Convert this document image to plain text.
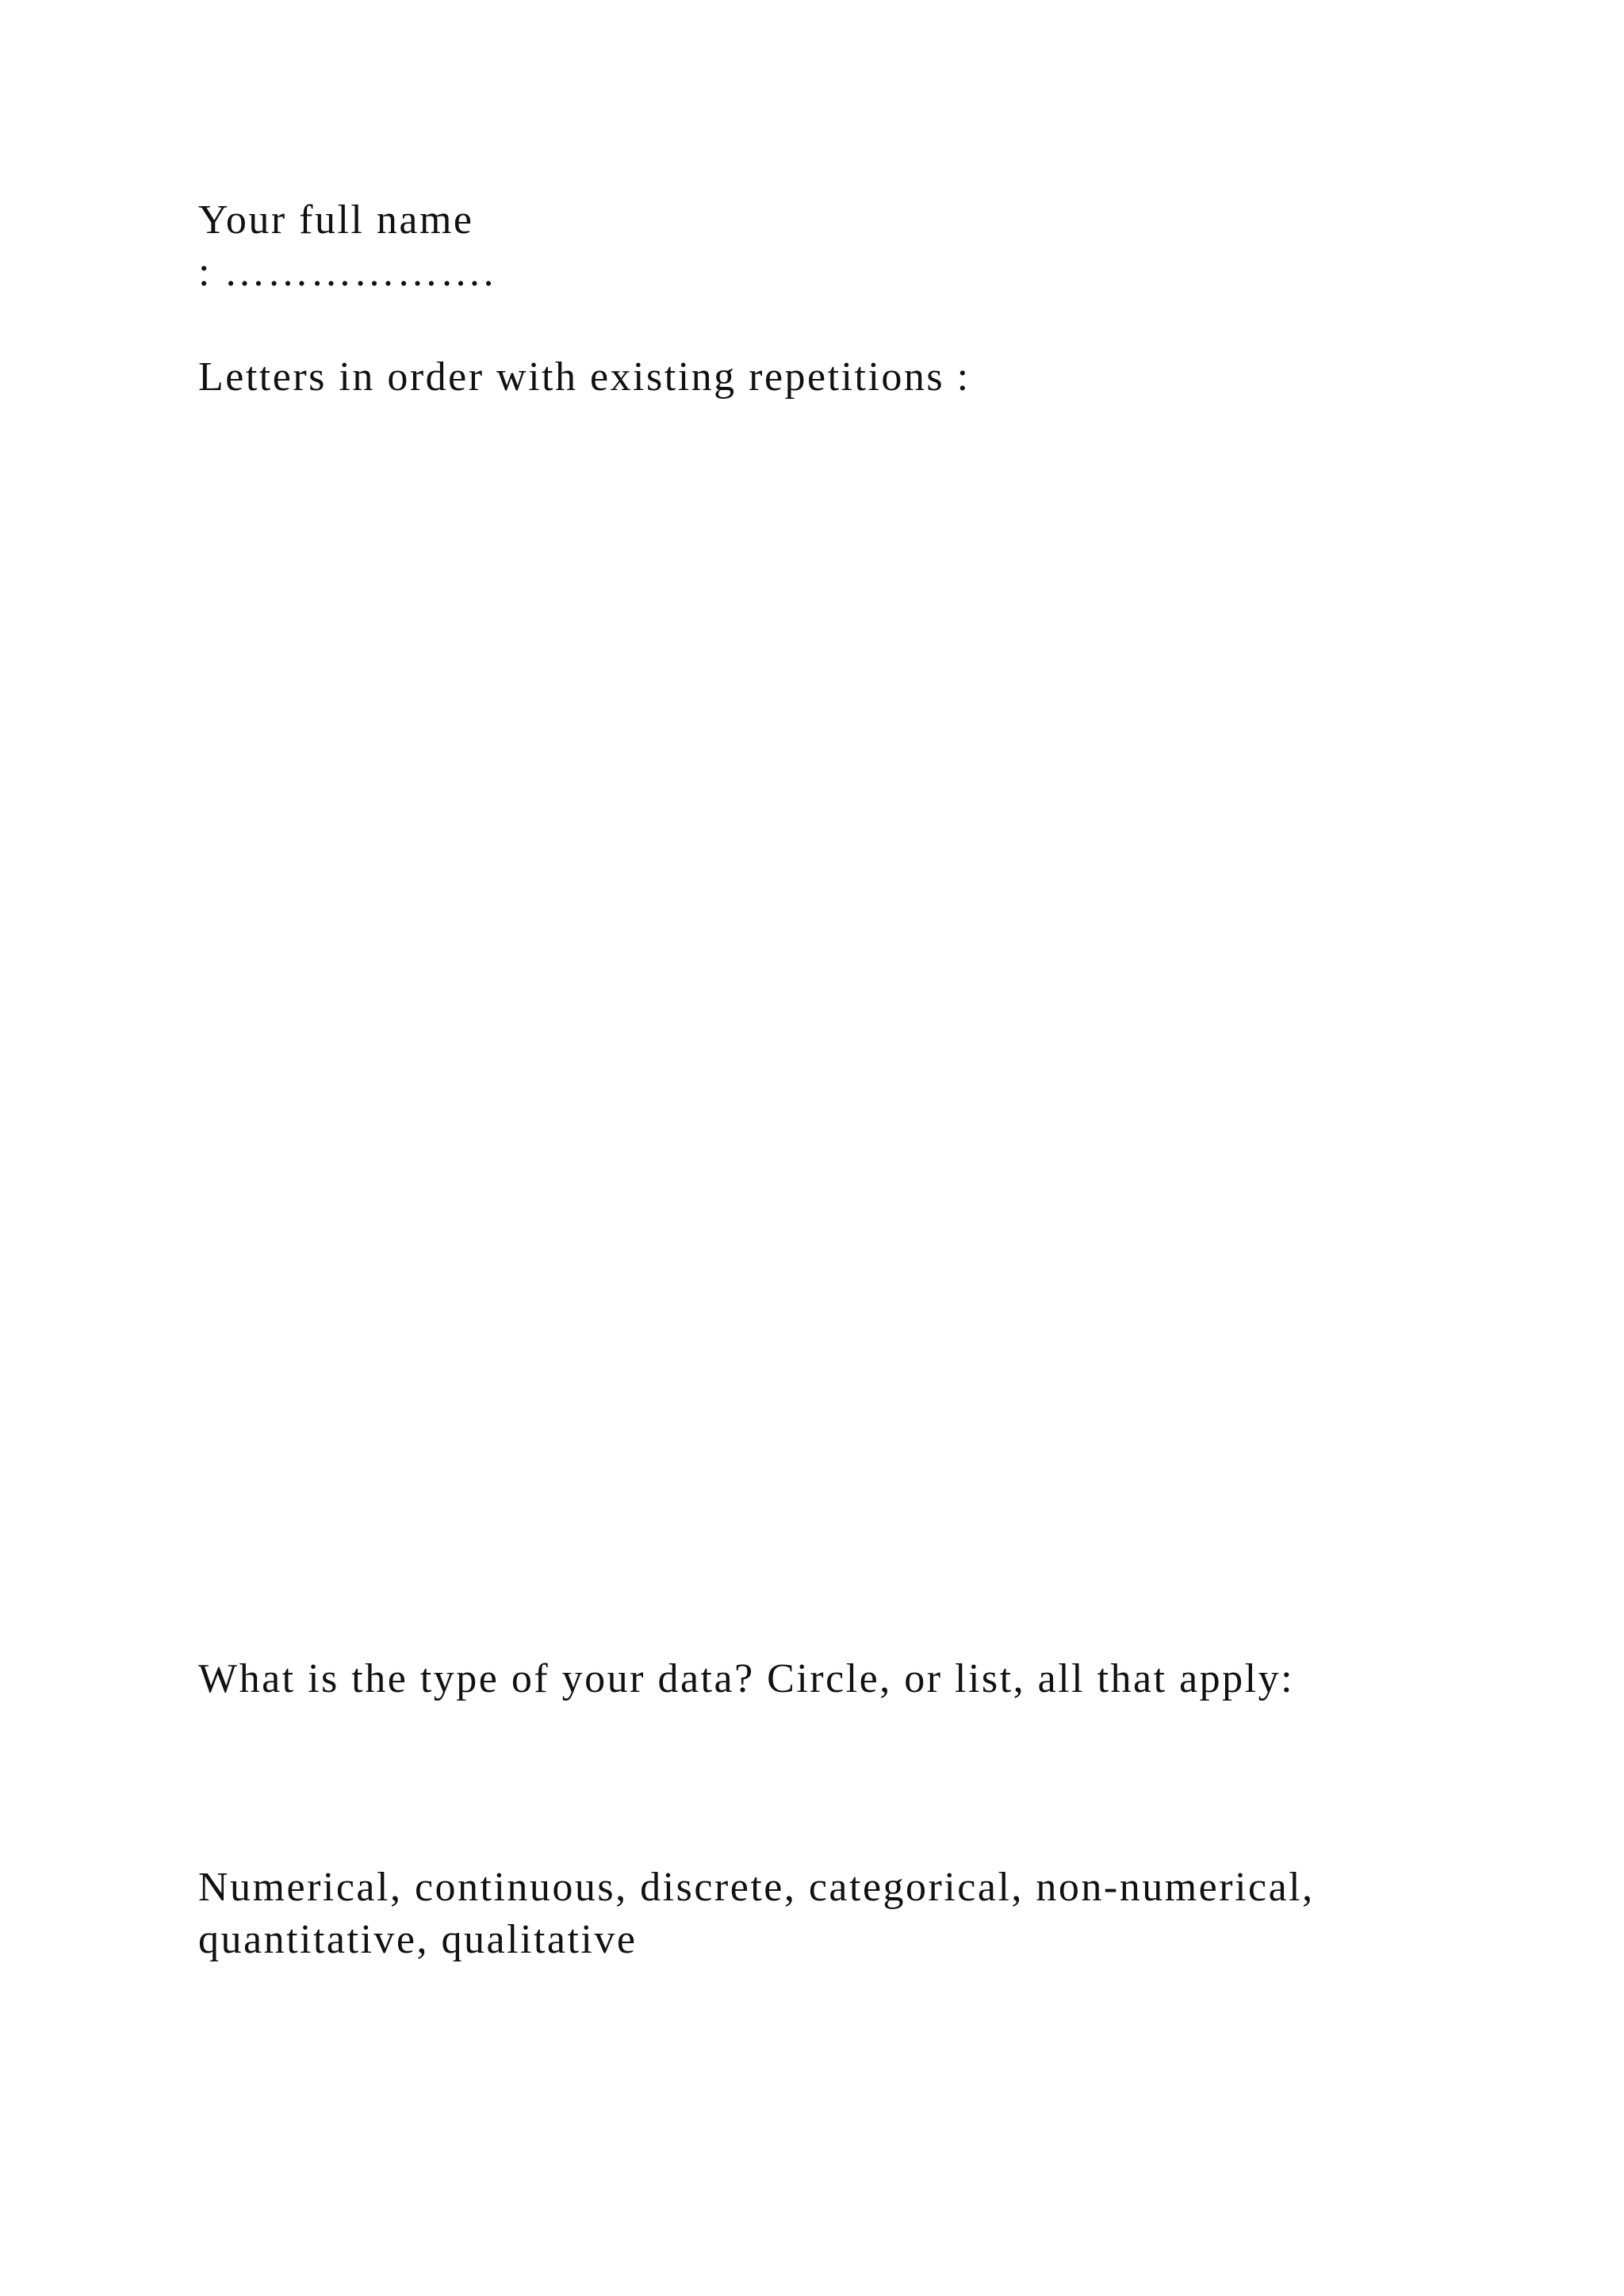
Your full name

: ……………….

Letters in order with existing repetitions :

What is the type of your data? Circle, or list, all that apply:

Numerical, continuous, discrete, categorical, non-numerical,

quantitative, qualitative
